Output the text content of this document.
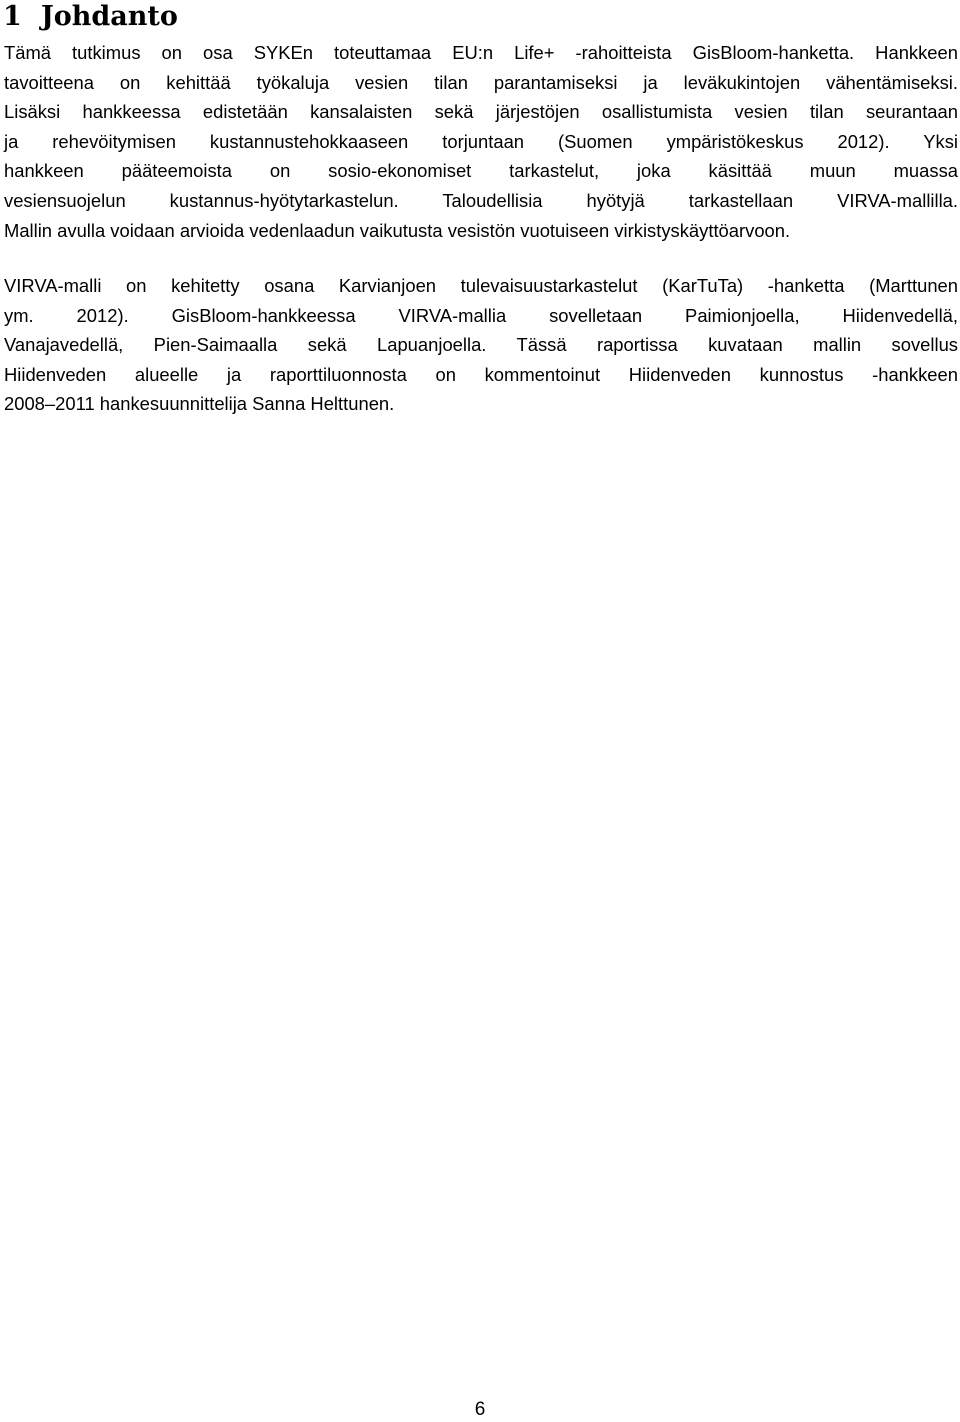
1 Johdanto
Tämä tutkimus on osa SYKEn toteuttamaa EU:n Life+ -rahoitteista GisBloom-hanketta. Hankkeen
tavoitteena on kehittää työkaluja vesien tilan parantamiseksi ja leväkukintojen vähentämiseksi.
Lisäksi hankkeessa edistetään kansalaisten sekä järjestöjen osallistumista vesien tilan seurantaan
ja rehevöitymisen kustannustehokkaaseen torjuntaan (Suomen ympäristökeskus 2012). Yksi
hankkeen pääteemoista on sosio-ekonomiset tarkastelut, joka käsittää muun muassa
vesiensuojelun kustannus-hyötytarkastelun. Taloudellisia hyötyjä tarkastellaan VIRVA-mallilla.
Mallin avulla voidaan arvioida vedenlaadun vaikutusta vesistön vuotuiseen virkistyskäyttöarvoon.
VIRVA-malli on kehitetty osana Karvianjoen tulevaisuustarkastelut (KarTuTa) -hanketta (Marttunen
ym. 2012). GisBloom-hankkeessa VIRVA-mallia sovelletaan Paimionjoella, Hiidenvedellä,
Vanajavedellä, Pien-Saimaalla sekä Lapuanjoella. Tässä raportissa kuvataan mallin sovellus
Hiidenveden alueelle ja raporttiluonnosta on kommentoinut Hiidenveden kunnostus -hankkeen
2008–2011 hankesuunnittelija Sanna Helttunen.
6
